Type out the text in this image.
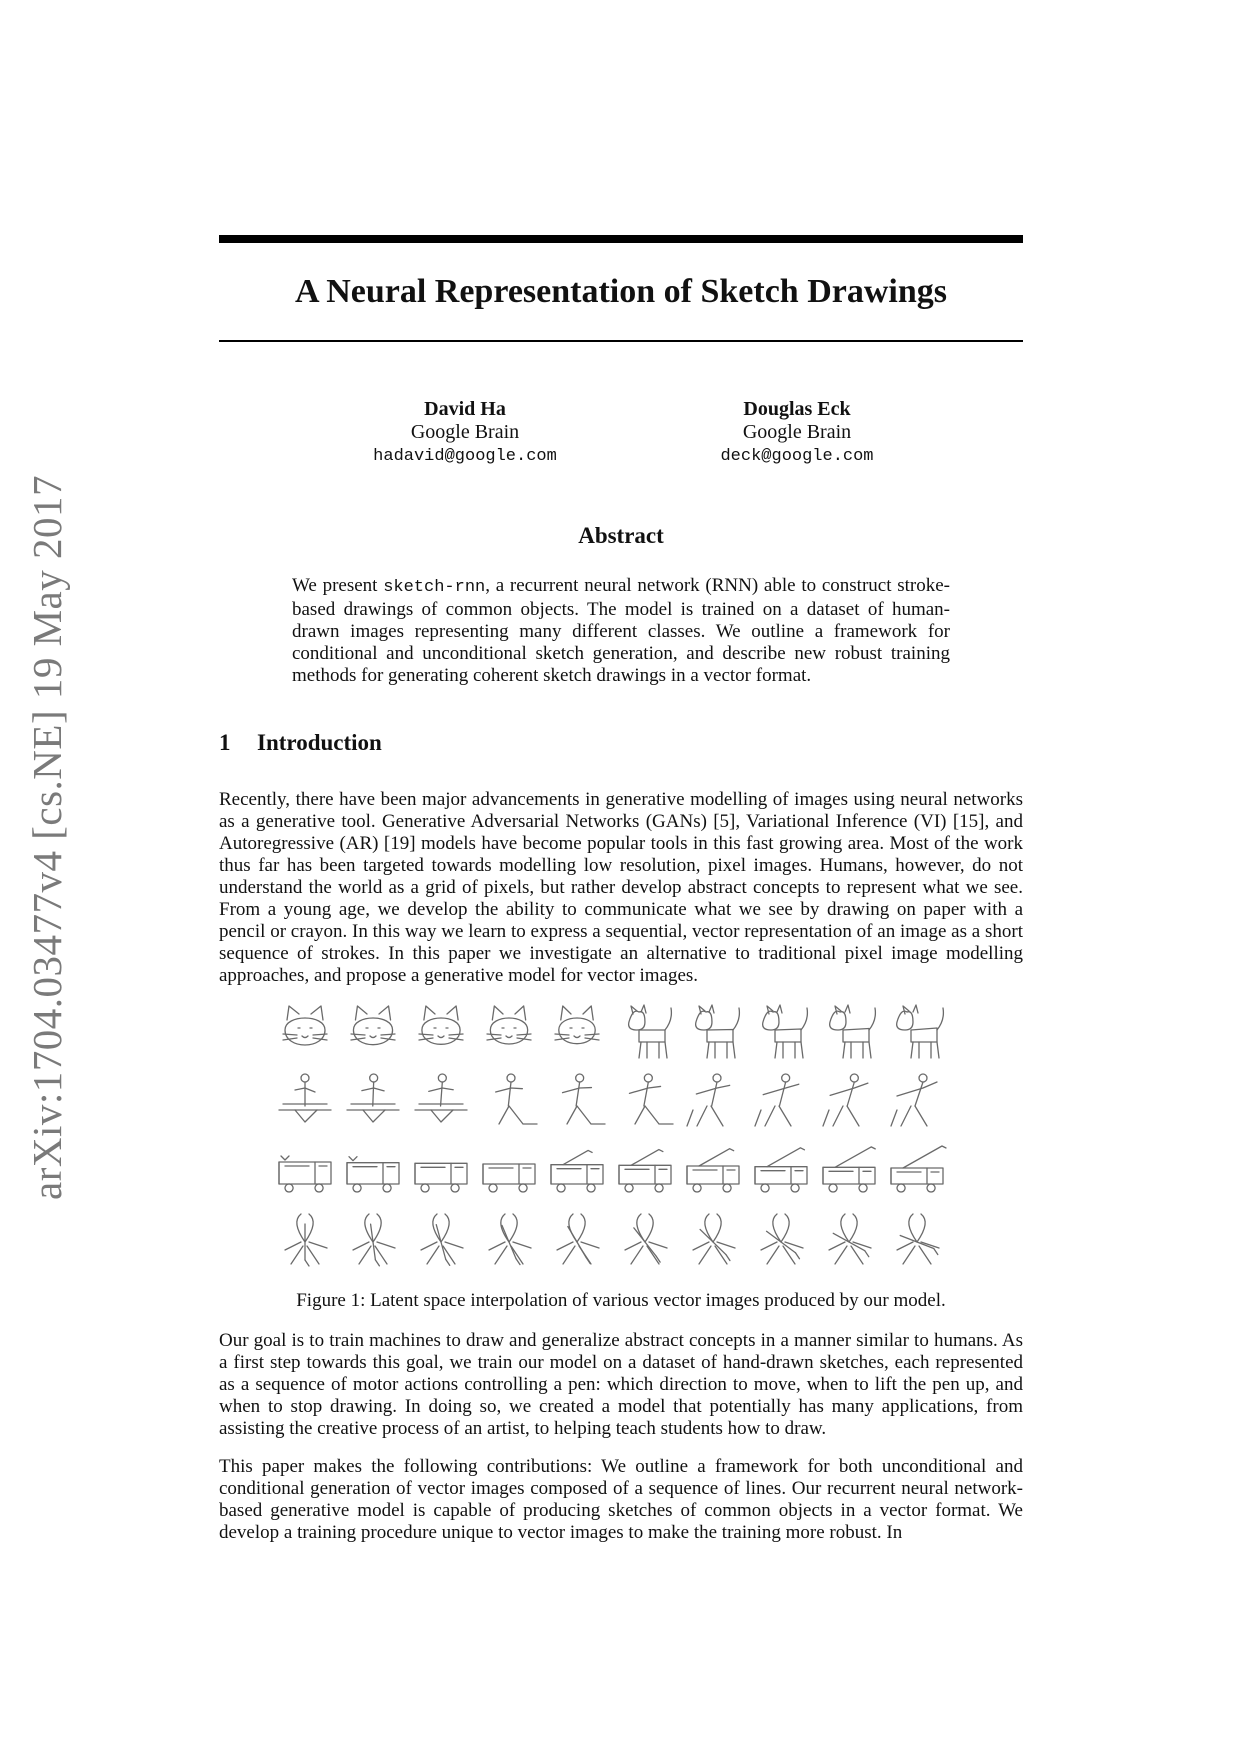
arXiv:1704.03477v4 [cs.NE] 19 May 2017
A Neural Representation of Sketch Drawings
David Ha
Google Brain
hadavid@google.com
Douglas Eck
Google Brain
deck@google.com
Abstract
We present sketch-rnn, a recurrent neural network (RNN) able to construct stroke-based drawings of common objects. The model is trained on a dataset of human-drawn images representing many different classes. We outline a framework for conditional and unconditional sketch generation, and describe new robust training methods for generating coherent sketch drawings in a vector format.
1 Introduction
Recently, there have been major advancements in generative modelling of images using neural networks as a generative tool. Generative Adversarial Networks (GANs) [5], Variational Inference (VI) [15], and Autoregressive (AR) [19] models have become popular tools in this fast growing area. Most of the work thus far has been targeted towards modelling low resolution, pixel images. Humans, however, do not understand the world as a grid of pixels, but rather develop abstract concepts to represent what we see. From a young age, we develop the ability to communicate what we see by drawing on paper with a pencil or crayon. In this way we learn to express a sequential, vector representation of an image as a short sequence of strokes. In this paper we investigate an alternative to traditional pixel image modelling approaches, and propose a generative model for vector images.
Figure 1: Latent space interpolation of various vector images produced by our model.
Our goal is to train machines to draw and generalize abstract concepts in a manner similar to humans. As a first step towards this goal, we train our model on a dataset of hand-drawn sketches, each represented as a sequence of motor actions controlling a pen: which direction to move, when to lift the pen up, and when to stop drawing. In doing so, we created a model that potentially has many applications, from assisting the creative process of an artist, to helping teach students how to draw.
This paper makes the following contributions: We outline a framework for both unconditional and conditional generation of vector images composed of a sequence of lines. Our recurrent neural network-based generative model is capable of producing sketches of common objects in a vector format. We develop a training procedure unique to vector images to make the training more robust. In
